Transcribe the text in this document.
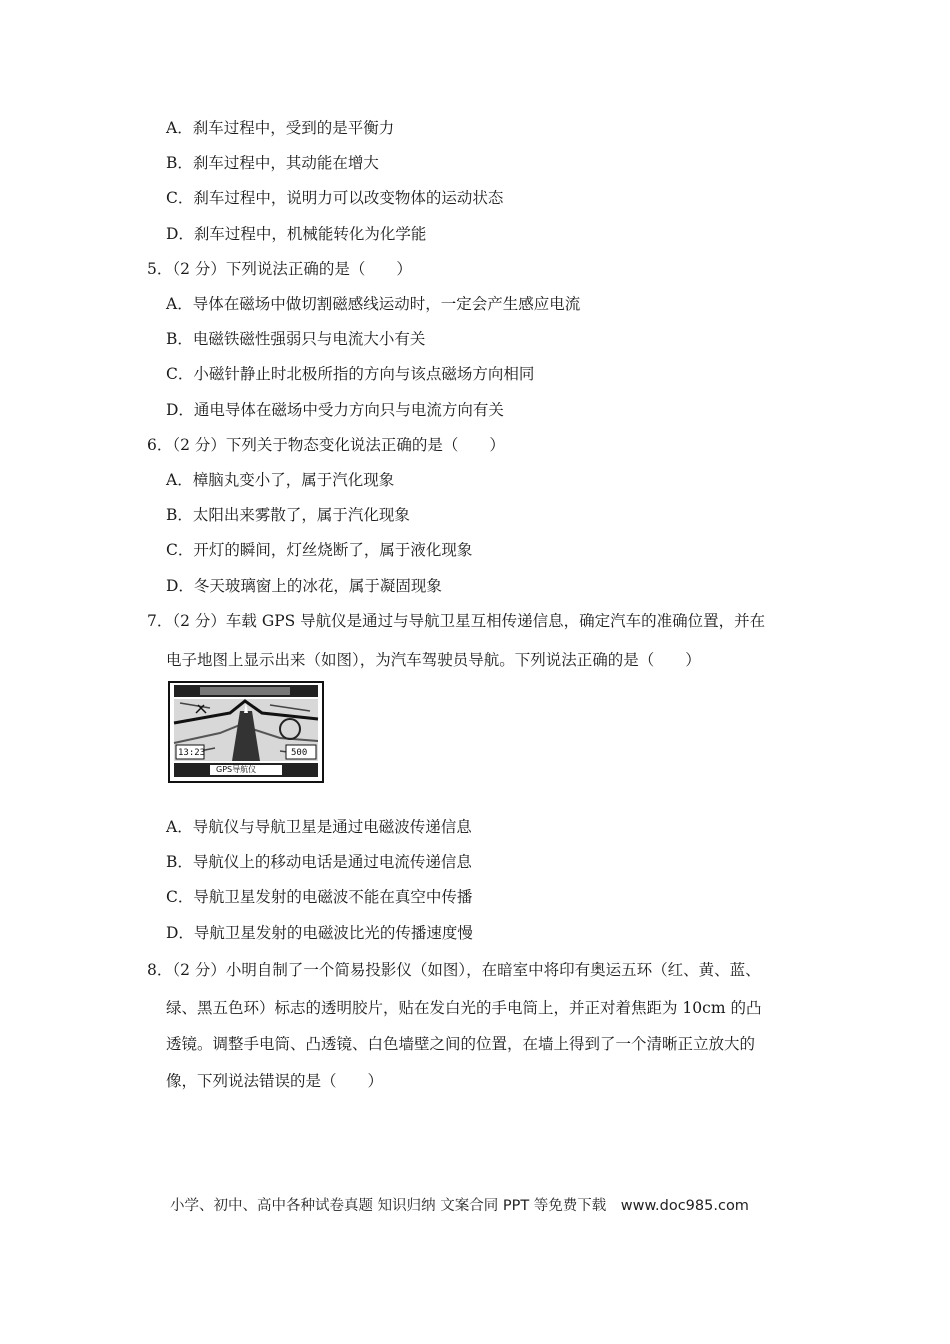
A．刹车过程中，受到的是平衡力
B．刹车过程中，其动能在增大
C．刹车过程中，说明力可以改变物体的运动状态
D．刹车过程中，机械能转化为化学能
5．（2 分）下列说法正确的是（　　）
A．导体在磁场中做切割磁感线运动时，一定会产生感应电流
B．电磁铁磁性强弱只与电流大小有关
C．小磁针静止时北极所指的方向与该点磁场方向相同
D．通电导体在磁场中受力方向只与电流方向有关
6．（2 分）下列关于物态变化说法正确的是（　　）
A．樟脑丸变小了，属于汽化现象
B．太阳出来雾散了，属于汽化现象
C．开灯的瞬间，灯丝烧断了，属于液化现象
D．冬天玻璃窗上的冰花，属于凝固现象
7．（2 分）车载 GPS 导航仪是通过与导航卫星互相传递信息，确定汽车的准确位置，并在
电子地图上显示出来（如图），为汽车驾驶员导航。下列说法正确的是（　　）
13:23	500
GPS导航仪
A．导航仪与导航卫星是通过电磁波传递信息
B．导航仪上的移动电话是通过电流传递信息
C．导航卫星发射的电磁波不能在真空中传播
D．导航卫星发射的电磁波比光的传播速度慢
8．（2 分）小明自制了一个简易投影仪（如图），在暗室中将印有奥运五环（红、黄、蓝、
绿、黑五色环）标志的透明胶片，贴在发白光的手电筒上，并正对着焦距为 10cm 的凸
透镜。调整手电筒、凸透镜、白色墙壁之间的位置，在墙上得到了一个清晰正立放大的
像，下列说法错误的是（　　）
小学、初中、高中各种试卷真题 知识归纳 文案合同 PPT 等免费下载　www.doc985.com
